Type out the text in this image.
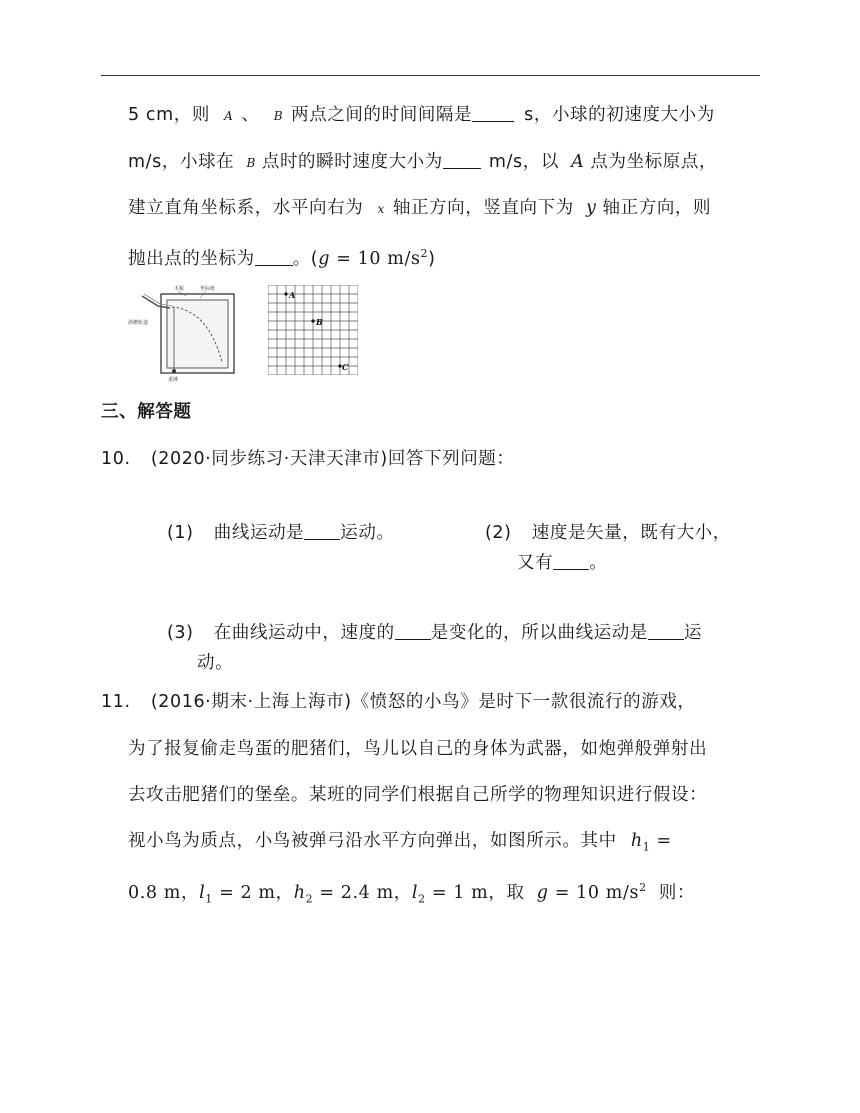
5 cm，则 A 、 B 两点之间的时间间隔是	s，小球的初速度大小为
m/s，小球在 B 点时的瞬时速度大小为	m/s，以 A 点为坐标原点，
建立直角坐标系，水平向右为 x 轴正方向，竖直向下为 y 轴正方向，则
抛出点的坐标为 。(g = 10 $m/s^2$)
木板	坐标纸
斜槽轨道
重锤
A
B
C
三、解答题
10. (2020·同步练习·天津天津市)回答下列问题：
(1) 曲线运动是 运动。	(2) 速度是矢量，既有大小，
又有 。
(3) 在曲线运动中，速度的 是变化的，所以曲线运动是 运
动。
11. (2016·期末·上海上海市)《愤怒的小鸟》是时下一款很流行的游戏，
为了报复偷走鸟蛋的肥猪们，鸟儿以自己的身体为武器，如炮弹般弹射出
去攻击肥猪们的堡垒。某班的同学们根据自己所学的物理知识进行假设：
视小鸟为质点，小鸟被弹弓沿水平方向弹出，如图所示。其中 $h_1$ =
0.8 m，$l_1 = 2$ m，$h_2 = 2.4$ m，$l_2 = 1$ m，取 g = 10 $m/s^2$ 则：
